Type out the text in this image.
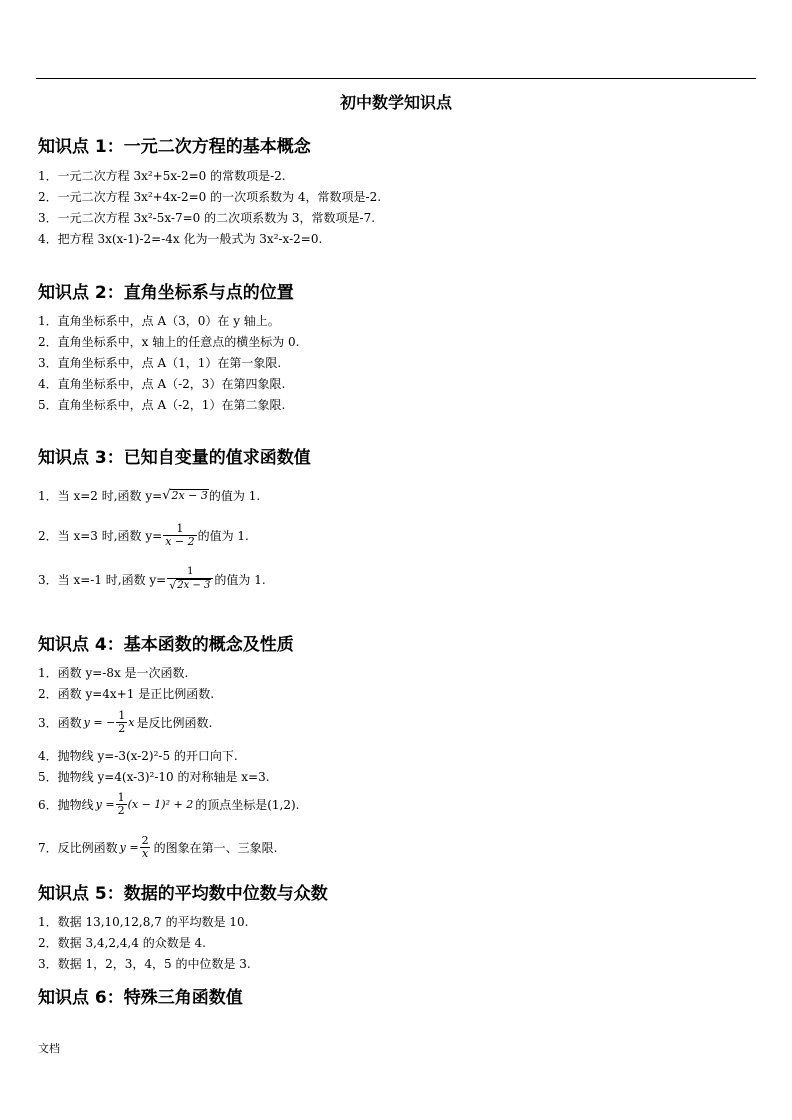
初中数学知识点
知识点 1：一元二次方程的基本概念
1．一元二次方程 3x²+5x-2=0 的常数项是-2.
2．一元二次方程 3x²+4x-2=0 的一次项系数为 4，常数项是-2.
3．一元二次方程 3x²-5x-7=0 的二次项系数为 3，常数项是-7.
4．把方程 3x(x-1)-2=-4x 化为一般式为 3x²-x-2=0.
知识点 2：直角坐标系与点的位置
1．直角坐标系中，点 A（3，0）在 y 轴上。
2．直角坐标系中，x 轴上的任意点的横坐标为 0.
3．直角坐标系中，点 A（1，1）在第一象限.
4．直角坐标系中，点 A（-2，3）在第四象限.
5．直角坐标系中，点 A（-2，1）在第二象限.
知识点 3：已知自变量的值求函数值
1．当 x=2 时,函数 y= √ 2x − 3 的值为 1.
2．当 x=3 时,函数 $y= \frac{1}{x - 2}$ 的值为 1.
3．当 x=-1 时,函数 $y= \frac{1}{√ 2x - 3}$ 的值为 1.
知识点 4：基本函数的概念及性质
1．函数 y=-8x 是一次函数.
2．函数 y=4x+1 是正比例函数.
3．函数 y = − $\frac{1}{2}$ x 是反比例函数.
4．抛物线 y=-3(x-2)²-5 的开口向下.
5．抛物线 y=4(x-3)²-10 的对称轴是 x=3.
6．抛物线 $y = \frac{1}{2} (x - 1)^2 + 2$ 的顶点坐标是(1,2).
7．反比例函数 $y = \frac{2}{x}$ 的图象在第一、三象限.
知识点 5：数据的平均数中位数与众数
1．数据 13,10,12,8,7 的平均数是 10.
2．数据 3,4,2,4,4 的众数是 4.
3．数据 1，2，3，4，5 的中位数是 3.
知识点 6：特殊三角函数值
文档
